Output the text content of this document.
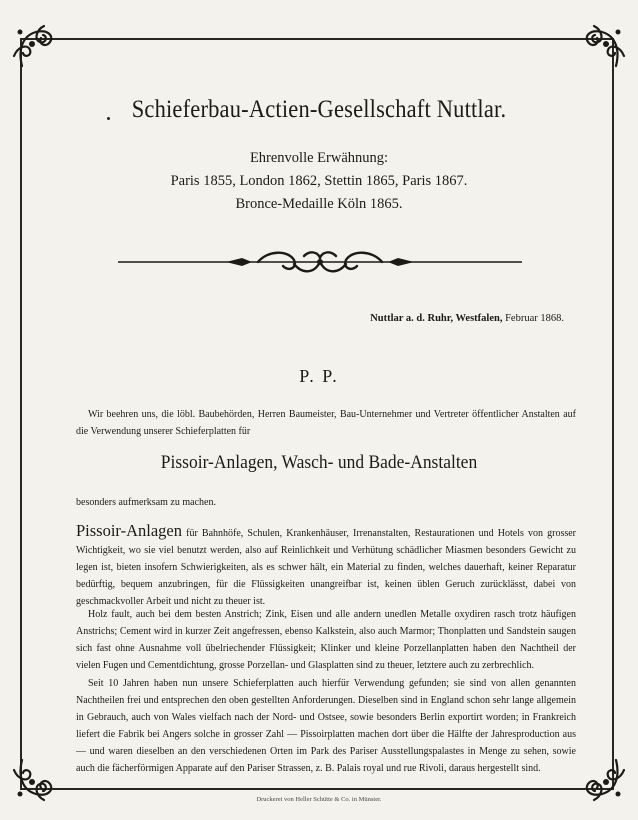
Schieferbau-Actien-Gesellschaft Nuttlar.
Ehrenvolle Erwähnung:
Paris 1855, London 1862, Stettin 1865, Paris 1867.
Bronce-Medaille Köln 1865.
Nuttlar a. d. Ruhr, Westfalen, Februar 1868.
P. P.
Wir beehren uns, die löbl. Baubehörden, Herren Baumeister, Bau-Unternehmer und Vertreter öffentlicher Anstalten auf die Verwendung unserer Schieferplatten für
Pissoir-Anlagen, Wasch- und Bade-Anstalten
besonders aufmerksam zu machen.
Pissoir-Anlagen für Bahnhöfe, Schulen, Krankenhäuser, Irrenanstalten, Restaurationen und Hotels von grosser Wichtigkeit, wo sie viel benutzt werden, also auf Reinlichkeit und Verhütung schädlicher Miasmen besonders Gewicht zu legen ist, bieten insofern Schwierigkeiten, als es schwer hält, ein Material zu finden, welches dauerhaft, keiner Reparatur bedürftig, bequem anzubringen, für die Flüssigkeiten unangreifbar ist, keinen üblen Geruch zurücklässt, dabei von geschmackvoller Arbeit und nicht zu theuer ist.
Holz fault, auch bei dem besten Anstrich; Zink, Eisen und alle andern unedlen Metalle oxydiren rasch trotz häufigen Anstrichs; Cement wird in kurzer Zeit angefressen, ebenso Kalkstein, also auch Marmor; Thonplatten und Sandstein saugen sich fast ohne Ausnahme voll übelriechender Flüssigkeit; Klinker und kleine Porzellanplatten haben den Nachtheil der vielen Fugen und Cementdichtung, grosse Porzellan- und Glasplatten sind zu theuer, letztere auch zu zerbrechlich.
Seit 10 Jahren haben nun unsere Schieferplatten auch hierfür Verwendung gefunden; sie sind von allen genannten Nachtheilen frei und entsprechen den oben gestellten Anforderungen. Dieselben sind in England schon sehr lange allgemein in Gebrauch, auch von Wales vielfach nach der Nord- und Ostsee, sowie besonders Berlin exportirt worden; in Frankreich liefert die Fabrik bei Angers solche in grosser Zahl — Pissoirplatten machen dort über die Hälfte der Jahresproduction aus — und waren dieselben an den verschiedenen Orten im Park des Pariser Ausstellungspalastes in Menge zu sehen, sowie auch die fächerförmigen Apparate auf den Pariser Strassen, z. B. Palais royal und rue Rivoli, daraus hergestellt sind.
Druckerei von Heller Schütte & Co. in Münster.
